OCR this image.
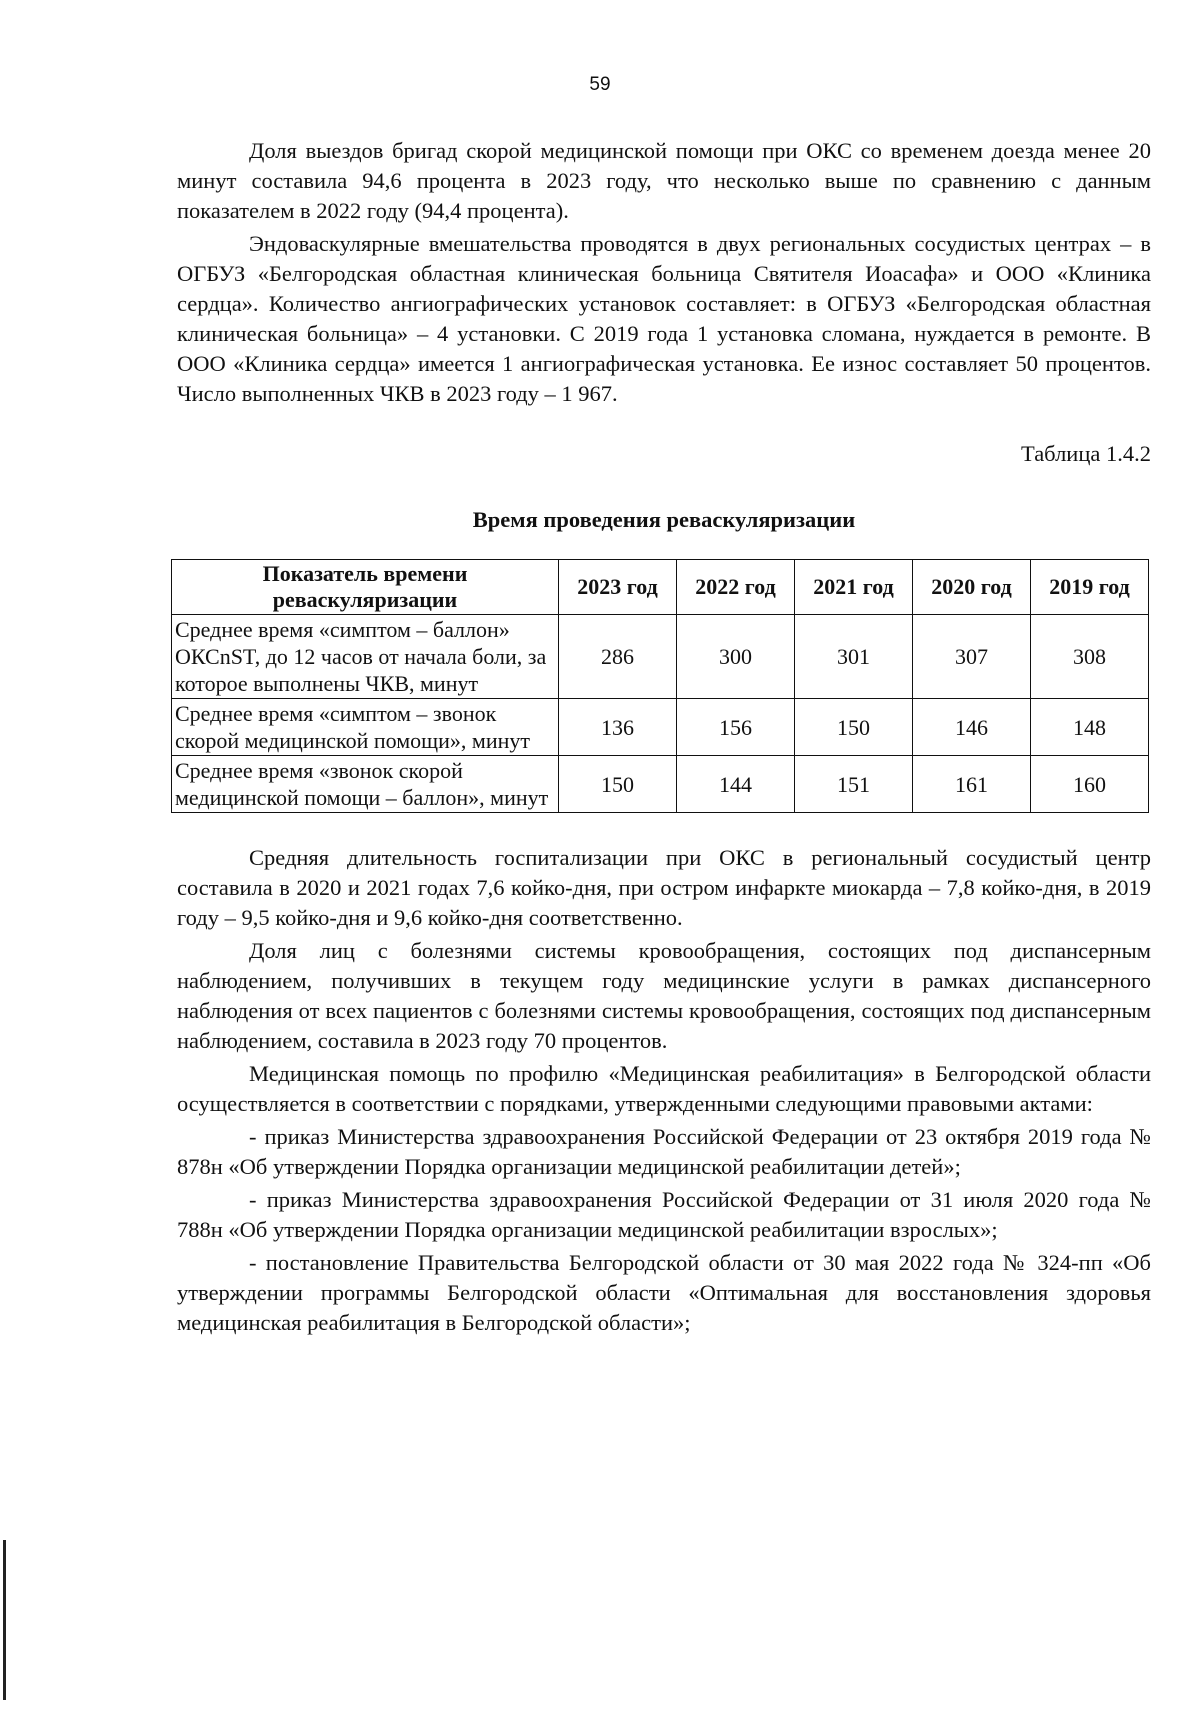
59

Доля выездов бригад скорой медицинской помощи при ОКС со временем доезда менее 20 минут составила 94,6 процента в 2023 году, что несколько выше по сравнению с данным показателем в 2022 году (94,4 процента).

Эндоваскулярные вмешательства проводятся в двух региональных сосудистых центрах – в ОГБУЗ «Белгородская областная клиническая больница Святителя Иоасафа» и ООО «Клиника сердца». Количество ангиографических установок составляет: в ОГБУЗ «Белгородская областная клиническая больница» – 4 установки. С 2019 года 1 установка сломана, нуждается в ремонте. В ООО «Клиника сердца» имеется 1 ангиографическая установка. Ее износ составляет 50 процентов. Число выполненных ЧКВ в 2023 году – 1 967.

Таблица 1.4.2
Время проведения реваскуляризации
Показатель времени реваскуляризации	2023 год	2022 год	2021 год	2020 год	2019 год
Среднее время «симптом – баллон» ОКСnST, до 12 часов от начала боли, за которое выполнены ЧКВ, минут	286	300	301	307	308
Среднее время «симптом – звонок скорой медицинской помощи», минут	136	156	150	146	148
Среднее время «звонок скорой медицинской помощи – баллон», минут	150	144	151	161	160

Средняя длительность госпитализации при ОКС в региональный сосудистый центр составила в 2020 и 2021 годах 7,6 койко-дня, при остром инфаркте миокарда – 7,8 койко-дня, в 2019 году – 9,5 койко-дня и 9,6 койко-дня соответственно.

Доля лиц с болезнями системы кровообращения, состоящих под диспансерным наблюдением, получивших в текущем году медицинские услуги в рамках диспансерного наблюдения от всех пациентов с болезнями системы кровообращения, состоящих под диспансерным наблюдением, составила в 2023 году 70 процентов.

Медицинская помощь по профилю «Медицинская реабилитация» в Белгородской области осуществляется в соответствии с порядками, утвержденными следующими правовыми актами:

- приказ Министерства здравоохранения Российской Федерации от 23 октября 2019 года № 878н «Об утверждении Порядка организации медицинской реабилитации детей»;

- приказ Министерства здравоохранения Российской Федерации от 31 июля 2020 года № 788н «Об утверждении Порядка организации медицинской реабилитации взрослых»;

- постановление Правительства Белгородской области от 30 мая 2022 года № 324-пп «Об утверждении программы Белгородской области «Оптимальная для восстановления здоровья медицинская реабилитация в Белгородской области»;
